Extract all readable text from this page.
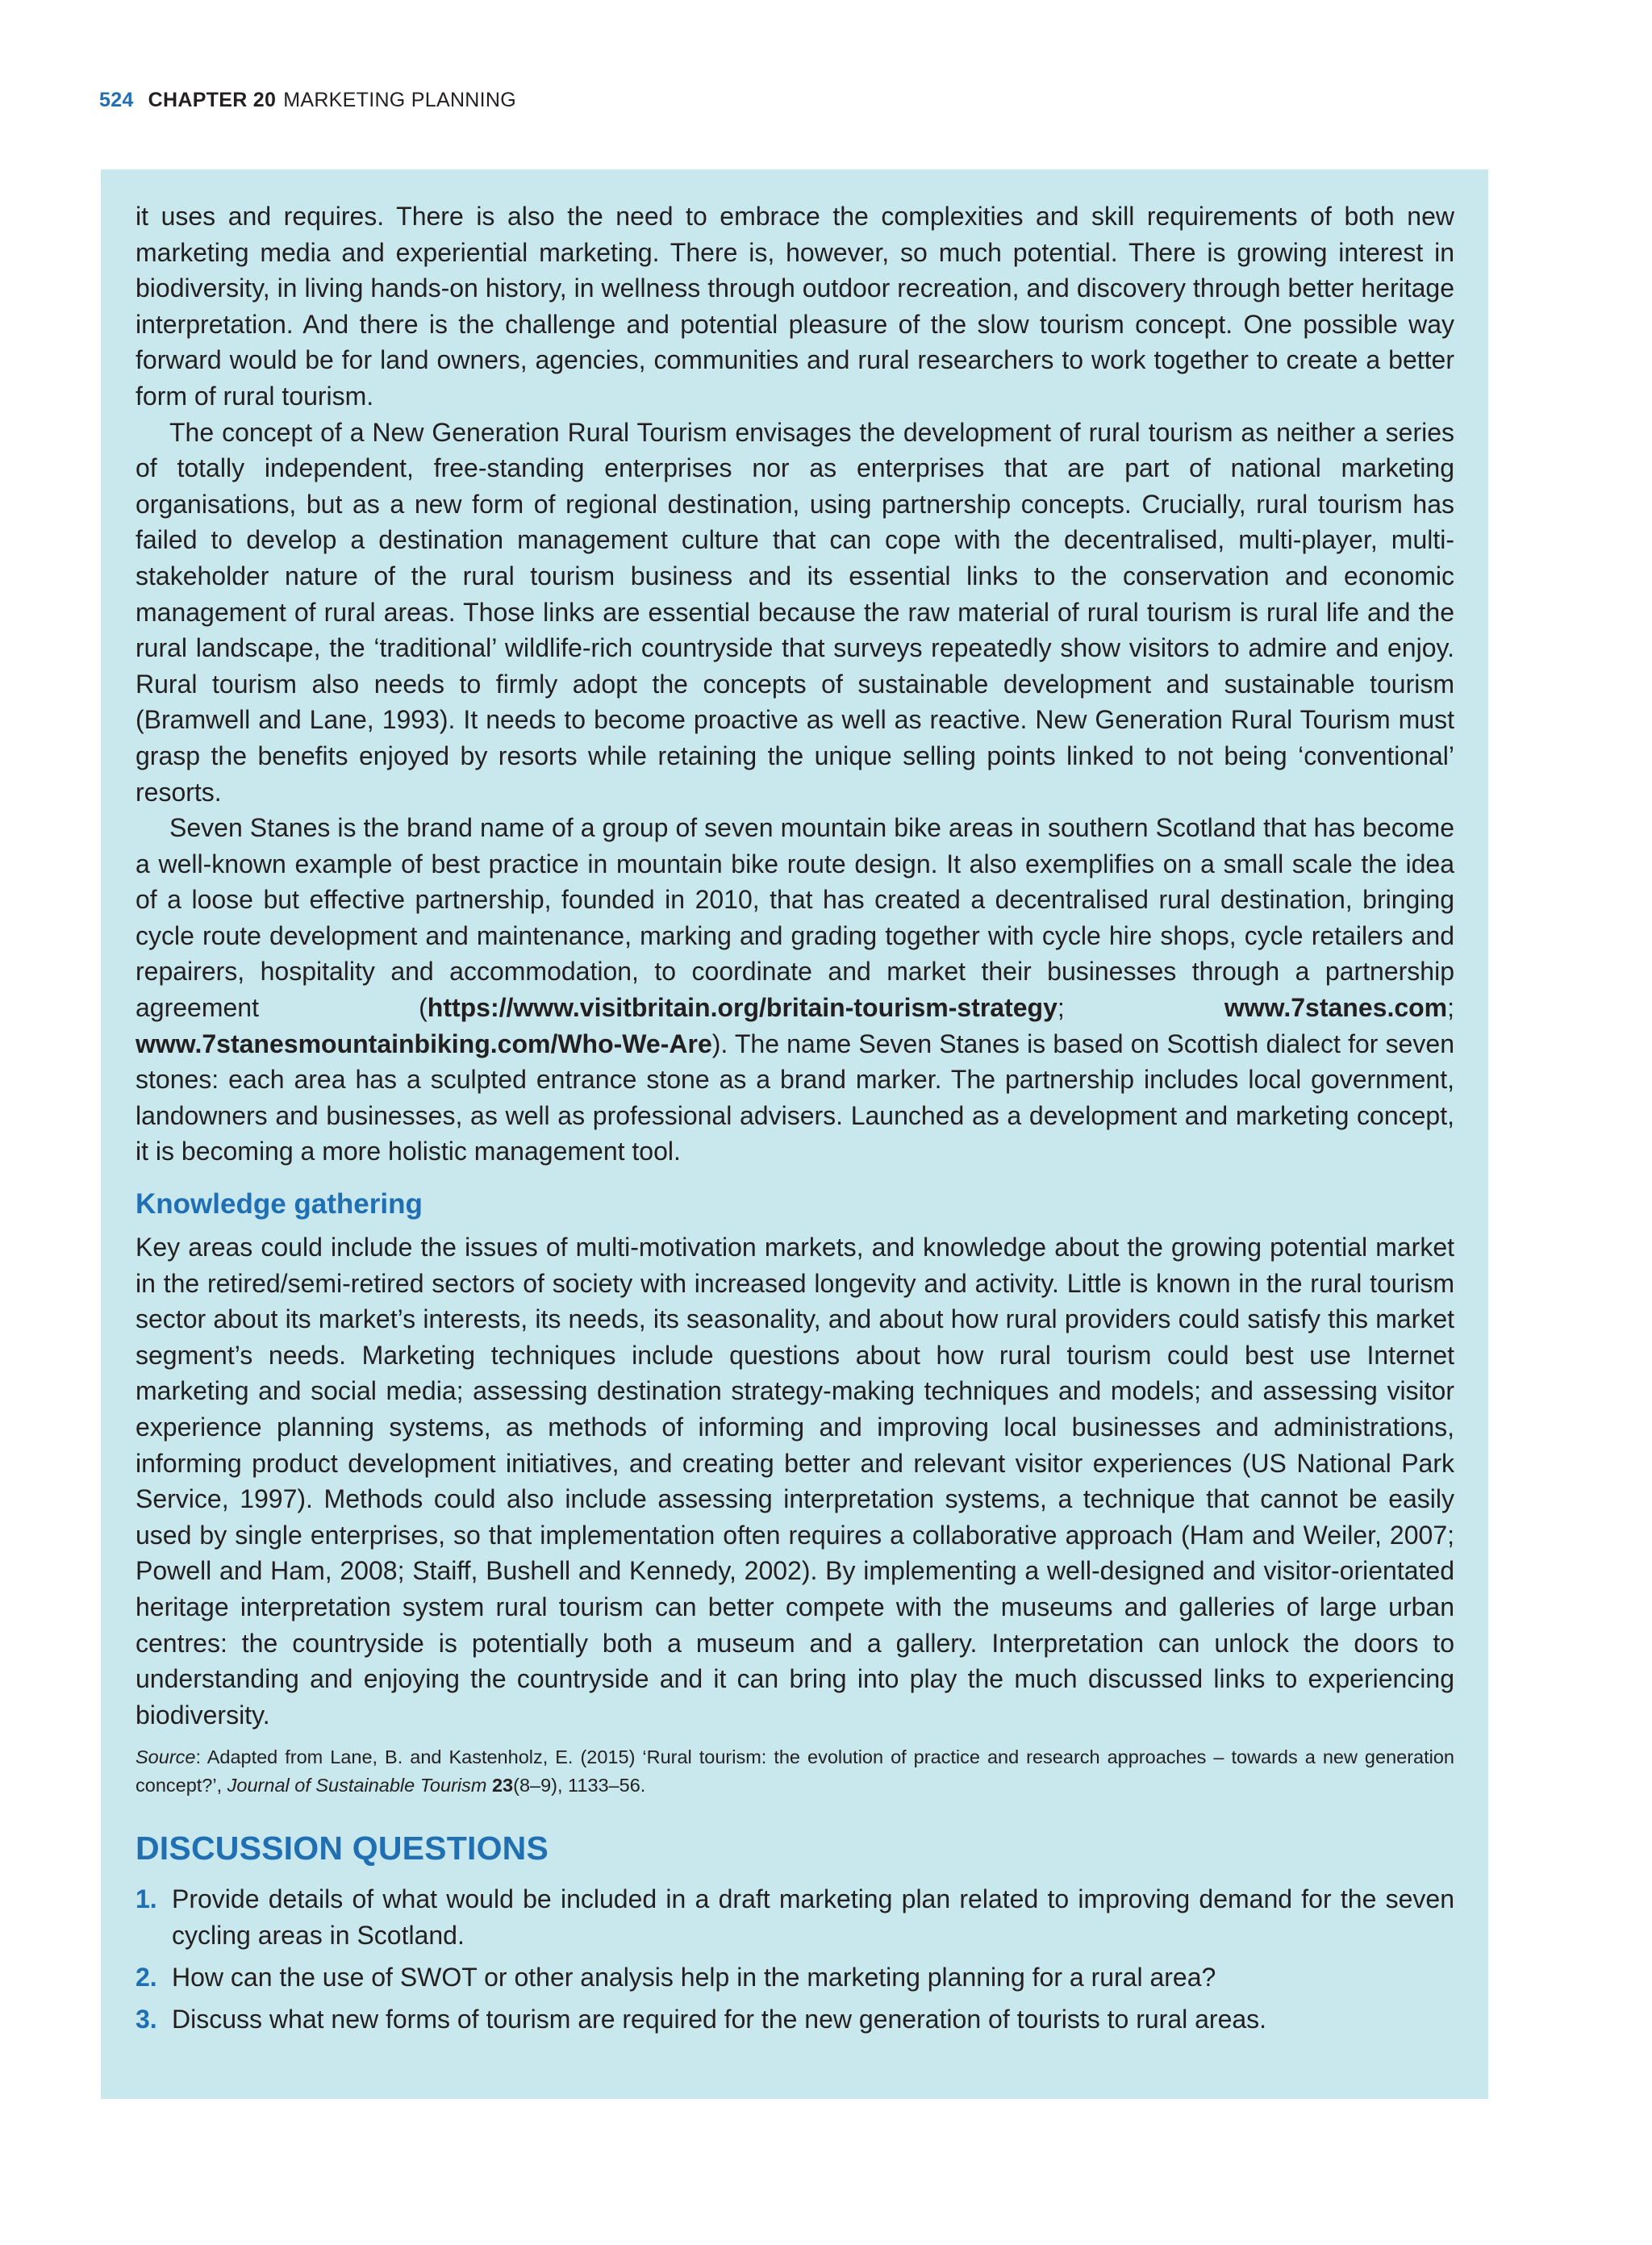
524 CHAPTER 20 MARKETING PLANNING

it uses and requires. There is also the need to embrace the complexities and skill requirements of both new marketing media and experiential marketing. There is, however, so much potential. There is growing interest in biodiversity, in living hands-on history, in wellness through outdoor recreation, and discovery through better heritage interpretation. And there is the challenge and potential pleasure of the slow tourism concept. One possible way forward would be for land owners, agencies, communities and rural researchers to work together to create a better form of rural tourism.

The concept of a New Generation Rural Tourism envisages the development of rural tourism as neither a series of totally independent, free-standing enterprises nor as enterprises that are part of national marketing organisations, but as a new form of regional destination, using partnership concepts. Crucially, rural tourism has failed to develop a destination management culture that can cope with the decentralised, multi-player, multi-stakeholder nature of the rural tourism business and its essential links to the conservation and economic management of rural areas. Those links are essential because the raw material of rural tourism is rural life and the rural landscape, the ‘traditional’ wildlife-rich countryside that surveys repeatedly show visitors to admire and enjoy. Rural tourism also needs to firmly adopt the concepts of sustainable development and sustainable tourism (Bramwell and Lane, 1993). It needs to become proactive as well as reactive. New Generation Rural Tourism must grasp the benefits enjoyed by resorts while retaining the unique selling points linked to not being ‘conventional’ resorts.

Seven Stanes is the brand name of a group of seven mountain bike areas in southern Scotland that has become a well-known example of best practice in mountain bike route design. It also exemplifies on a small scale the idea of a loose but effective partnership, founded in 2010, that has created a decentralised rural destination, bringing cycle route development and maintenance, marking and grading together with cycle hire shops, cycle retailers and repairers, hospitality and accommodation, to coordinate and market their businesses through a partnership agreement (https://www.visitbritain.org/britain-tourism-strategy; www.7stanes.com; www.7stanesmountainbiking.com/Who-We-Are). The name Seven Stanes is based on Scottish dialect for seven stones: each area has a sculpted entrance stone as a brand marker. The partnership includes local government, landowners and businesses, as well as professional advisers. Launched as a development and marketing concept, it is becoming a more holistic management tool.

Knowledge gathering

Key areas could include the issues of multi-motivation markets, and knowledge about the growing potential market in the retired/semi-retired sectors of society with increased longevity and activity. Little is known in the rural tourism sector about its market’s interests, its needs, its seasonality, and about how rural providers could satisfy this market segment’s needs. Marketing techniques include questions about how rural tourism could best use Internet marketing and social media; assessing destination strategy-making techniques and models; and assessing visitor experience planning systems, as methods of informing and improving local businesses and administrations, informing product development initiatives, and creating better and relevant visitor experiences (US National Park Service, 1997). Methods could also include assessing interpretation systems, a technique that cannot be easily used by single enterprises, so that implementation often requires a collaborative approach (Ham and Weiler, 2007; Powell and Ham, 2008; Staiff, Bushell and Kennedy, 2002). By implementing a well-designed and visitor-orientated heritage interpretation system rural tourism can better compete with the museums and galleries of large urban centres: the countryside is potentially both a museum and a gallery. Interpretation can unlock the doors to understanding and enjoying the countryside and it can bring into play the much discussed links to experiencing biodiversity.

Source: Adapted from Lane, B. and Kastenholz, E. (2015) ‘Rural tourism: the evolution of practice and research approaches – towards a new generation concept?’, Journal of Sustainable Tourism 23(8–9), 1133–56.

DISCUSSION QUESTIONS
1. Provide details of what would be included in a draft marketing plan related to improving demand for the seven cycling areas in Scotland.
2. How can the use of SWOT or other analysis help in the marketing planning for a rural area?
3. Discuss what new forms of tourism are required for the new generation of tourists to rural areas.
